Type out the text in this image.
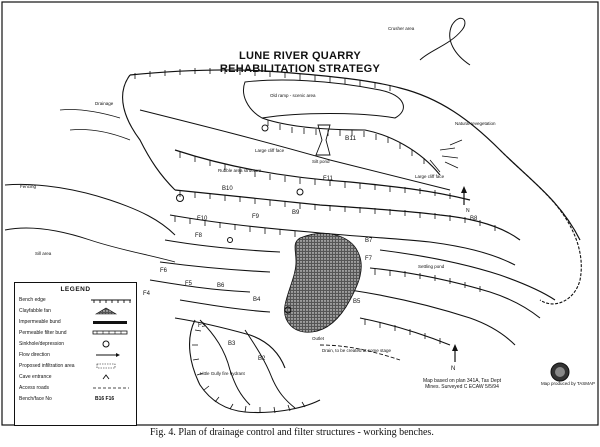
Crusher area
Drainage
Old ramp - scenic area
Silt pond
B11
Natural revegetation
Large cliff face
Large cliff face
Rubble area structure
Fencing	B10
F11
F10	F9
F8
B9
F7
B8
B7
F6
F5
F4
B6
B5
B4
F3
B3
B2
Settling pond
Little Gully fire hydrant
Outlet
Drain, to be created at some stage
Sill area
N
N
LUNE RIVER QUARRY
REHABILITATION STRATEGY
LEGEND
Bench edge
Clayfabble fan
Impermeable bund
Permeable filter bund
Sinkhole/depression
Flow direction
Proposed infiltration area
Cave entrance
Access roads
Bench/face No	B16 F16
Map based on plan 341A, Tas Dept Mines. Surveyed C ECAW 5/5/94
Map produced by TASMAP
Fig. 4. Plan of drainage control and filter structures - working benches.
